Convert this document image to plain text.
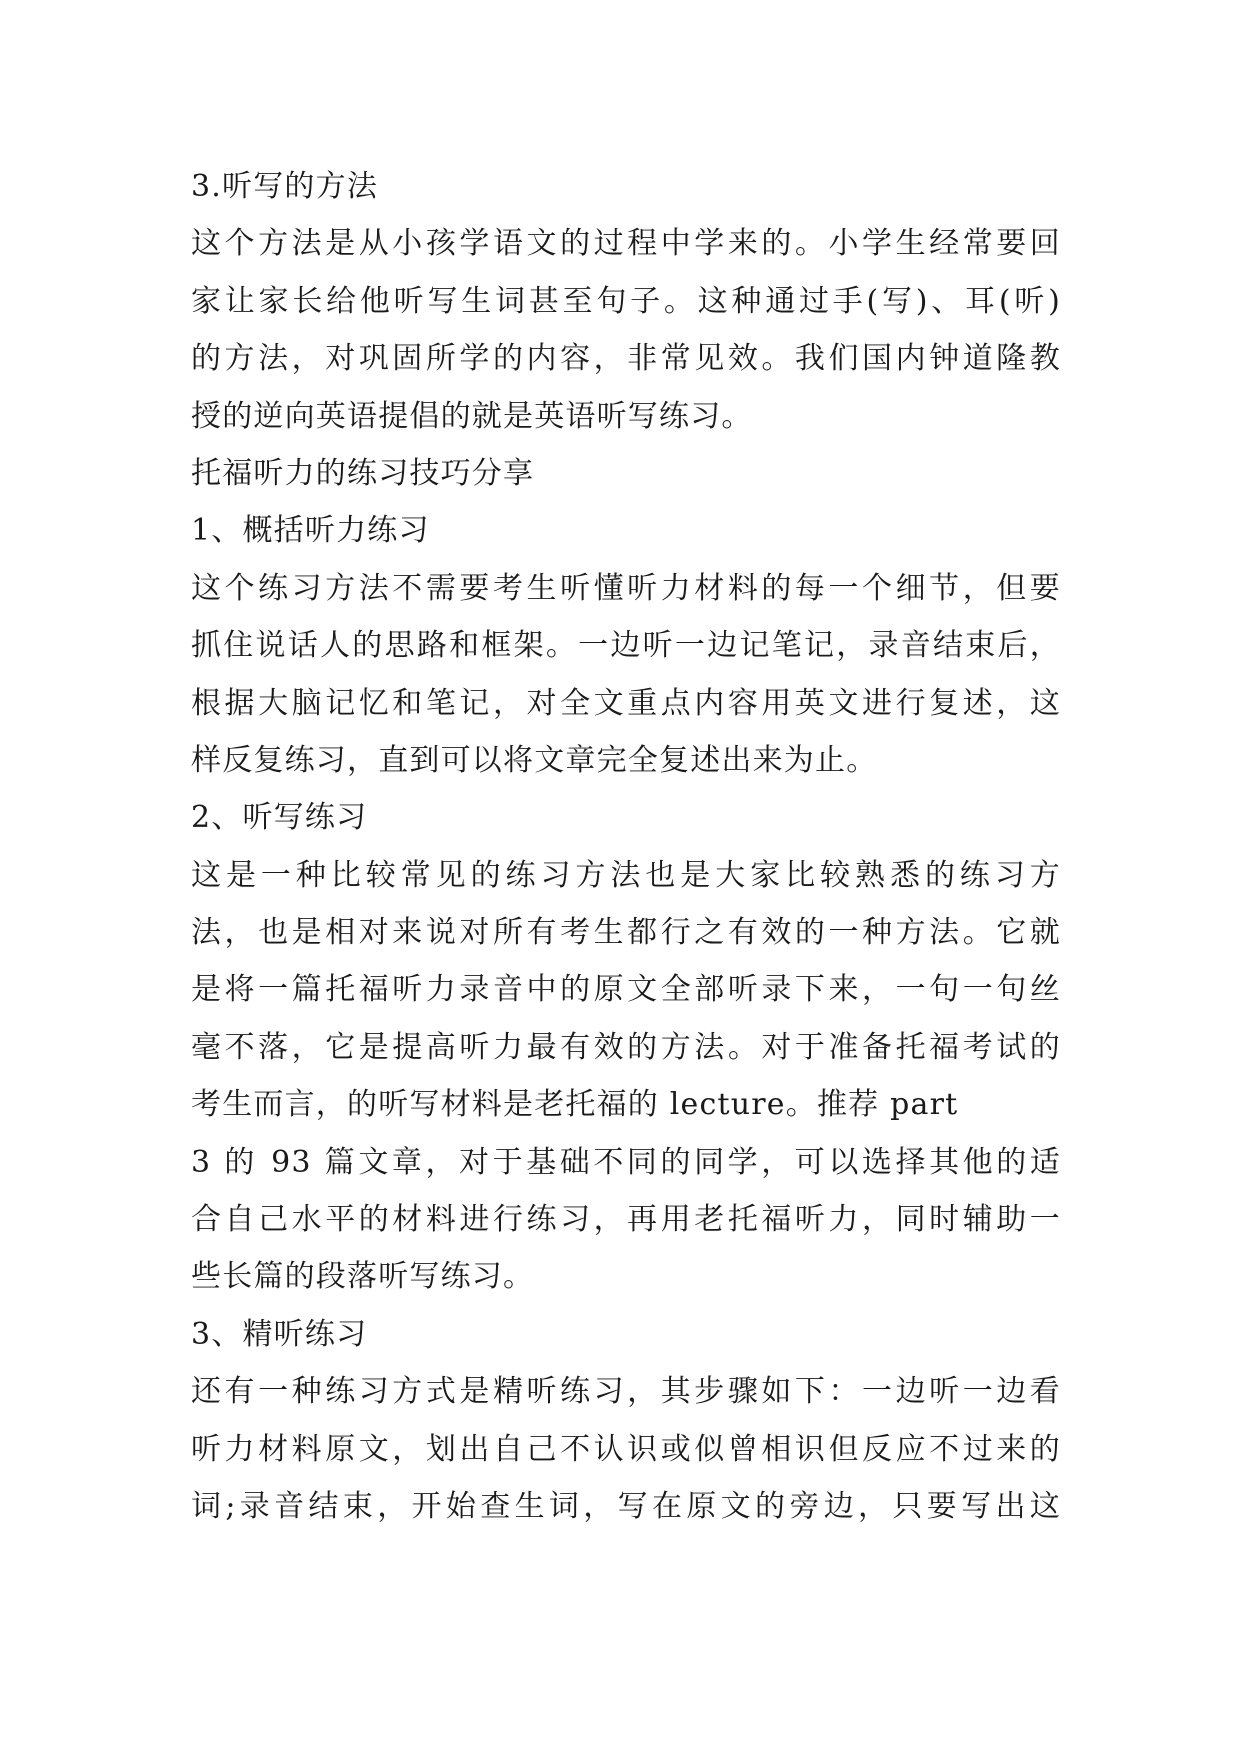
3.听写的方法
这个方法是从小孩学语文的过程中学来的。小学生经常要回
家让家长给他听写生词甚至句子。这种通过手(写)、耳(听)
的方法，对巩固所学的内容，非常见效。我们国内钟道隆教
授的逆向英语提倡的就是英语听写练习。
托福听力的练习技巧分享
1、概括听力练习
这个练习方法不需要考生听懂听力材料的每一个细节，但要
抓住说话人的思路和框架。一边听一边记笔记，录音结束后，
根据大脑记忆和笔记，对全文重点内容用英文进行复述，这
样反复练习，直到可以将文章完全复述出来为止。
2、听写练习
这是一种比较常见的练习方法也是大家比较熟悉的练习方
法，也是相对来说对所有考生都行之有效的一种方法。它就
是将一篇托福听力录音中的原文全部听录下来，一句一句丝
毫不落，它是提高听力最有效的方法。对于准备托福考试的
考生而言，的听写材料是老托福的 lecture。推荐 part
3 的 93 篇文章，对于基础不同的同学，可以选择其他的适
合自己水平的材料进行练习，再用老托福听力，同时辅助一
些长篇的段落听写练习。
3、精听练习
还有一种练习方式是精听练习，其步骤如下：一边听一边看
听力材料原文，划出自己不认识或似曾相识但反应不过来的
词;录音结束，开始查生词，写在原文的旁边，只要写出这
